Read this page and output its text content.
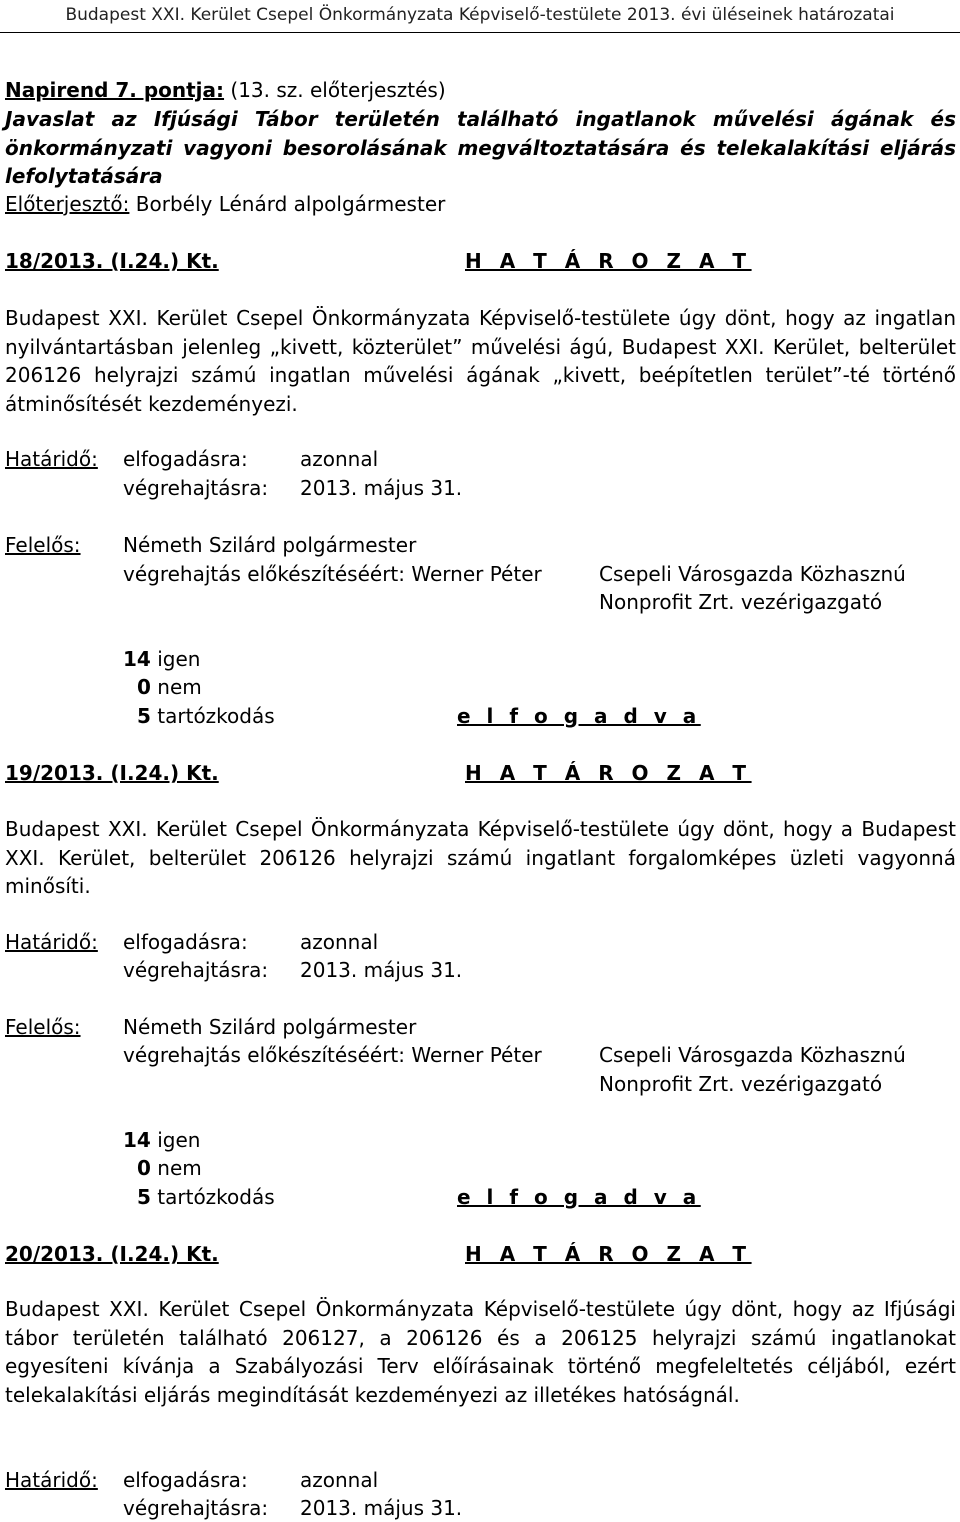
Budapest XXI. Kerület Csepel Önkormányzata Képviselő-testülete 2013. évi üléseinek határozatai
Napirend 7. pontja: (13. sz. előterjesztés)
Javaslat az Ifjúsági Tábor területén található ingatlanok művelési ágának és önkormányzati vagyoni besorolásának megváltoztatására és telekalakítási eljárás lefolytatására
Előterjesztő: Borbély Lénárd alpolgármester
18/2013. (I.24.) Kt.	H A T Á R O Z A T
Budapest XXI. Kerület Csepel Önkormányzata Képviselő-testülete úgy dönt, hogy az ingatlan nyilvántartásban jelenleg „kivett, közterület” művelési ágú, Budapest XXI. Kerület, belterület 206126 helyrajzi számú ingatlan művelési ágának „kivett, beépítetlen terület”-té történő átminősítését kezdeményezi.
Határidő: elfogadásra:	azonnal
végrehajtásra: 2013. május 31.
Felelős: Németh Szilárd polgármester
végrehajtás előkészítéséért: Werner Péter	Csepeli Városgazda Közhasznú
Nonprofit Zrt. vezérigazgató
14 igen
0 nem
5 tartózkodás	e l f o g a d v a
19/2013. (I.24.) Kt.	H A T Á R O Z A T
Budapest XXI. Kerület Csepel Önkormányzata Képviselő-testülete úgy dönt, hogy a Budapest XXI. Kerület, belterület 206126 helyrajzi számú ingatlant forgalomképes üzleti vagyonná minősíti.
Határidő: elfogadásra:	azonnal
végrehajtásra: 2013. május 31.
Felelős: Németh Szilárd polgármester
végrehajtás előkészítéséért: Werner Péter	Csepeli Városgazda Közhasznú
Nonprofit Zrt. vezérigazgató
14 igen
0 nem
5 tartózkodás	e l f o g a d v a
20/2013. (I.24.) Kt.	H A T Á R O Z A T
Budapest XXI. Kerület Csepel Önkormányzata Képviselő-testülete úgy dönt, hogy az Ifjúsági tábor területén található 206127, a 206126 és a 206125 helyrajzi számú ingatlanokat egyesíteni kívánja a Szabályozási Terv előírásainak történő megfeleltetés céljából, ezért telekalakítási eljárás megindítását kezdeményezi az illetékes hatóságnál.
Határidő: elfogadásra:	azonnal
végrehajtásra: 2013. május 31.
